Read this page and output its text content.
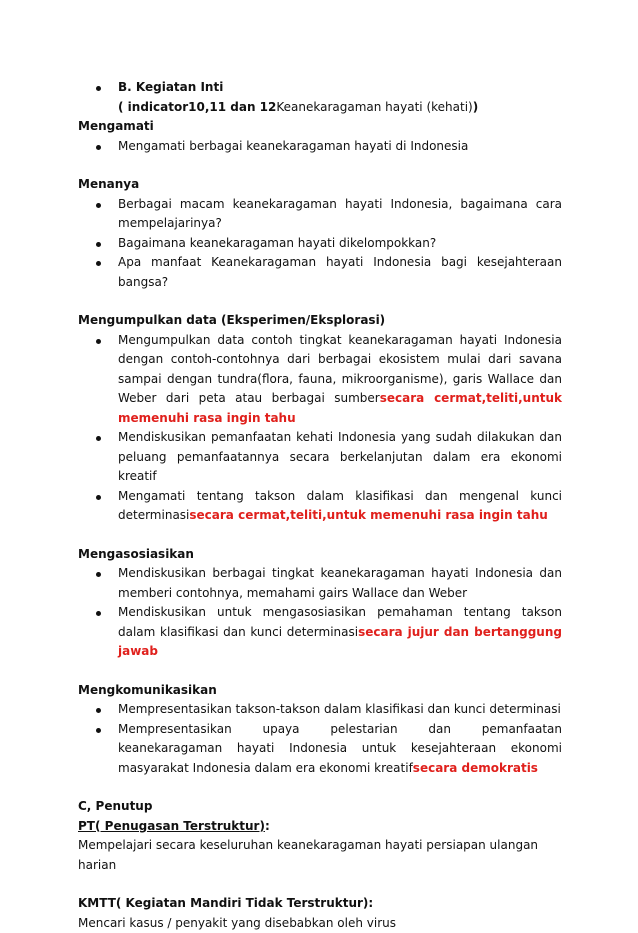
B. Kegiatan Inti
( indicator10,11 dan 12Keanekaragaman hayati (kehati))

Mengamati

Mengamati berbagai keanekaragaman hayati di Indonesia

Menanya

Berbagai macam keanekaragaman hayati Indonesia, bagaimana cara mempelajarinya?
Bagaimana keanekaragaman hayati dikelompokkan?
Apa manfaat Keanekaragaman hayati Indonesia bagi kesejahteraan bangsa?

Mengumpulkan data (Eksperimen/Eksplorasi)

Mengumpulkan data contoh tingkat keanekaragaman hayati Indonesia dengan contoh-contohnya dari berbagai ekosistem mulai dari savana sampai dengan tundra(flora, fauna, mikroorganisme), garis Wallace dan Weber dari peta atau berbagai sumbersecara cermat,teliti,untuk memenuhi rasa ingin tahu
Mendiskusikan pemanfaatan kehati Indonesia yang sudah dilakukan dan peluang pemanfaatannya secara berkelanjutan dalam era ekonomi kreatif
Mengamati tentang takson dalam klasifikasi dan mengenal kunci determinasisecara cermat,teliti,untuk memenuhi rasa ingin tahu

Mengasosiasikan

Mendiskusikan berbagai tingkat keanekaragaman hayati Indonesia dan memberi contohnya, memahami gairs Wallace dan Weber
Mendiskusikan untuk mengasosiasikan pemahaman tentang takson dalam klasifikasi dan kunci determinasisecara jujur dan bertanggung jawab

Mengkomunikasikan

Mempresentasikan takson-takson dalam klasifikasi dan kunci determinasi
Mempresentasikan upaya pelestarian dan pemanfaatan keanekaragaman hayati Indonesia untuk kesejahteraan ekonomi masyarakat Indonesia dalam era ekonomi kreatifsecara demokratis

C, Penutup

PT( Penugasan Terstruktur):

Mempelajari secara keseluruhan keanekaragaman hayati persiapan ulangan harian

KMTT( Kegiatan Mandiri Tidak Terstruktur):

Mencari kasus / penyakit yang disebabkan oleh virus
